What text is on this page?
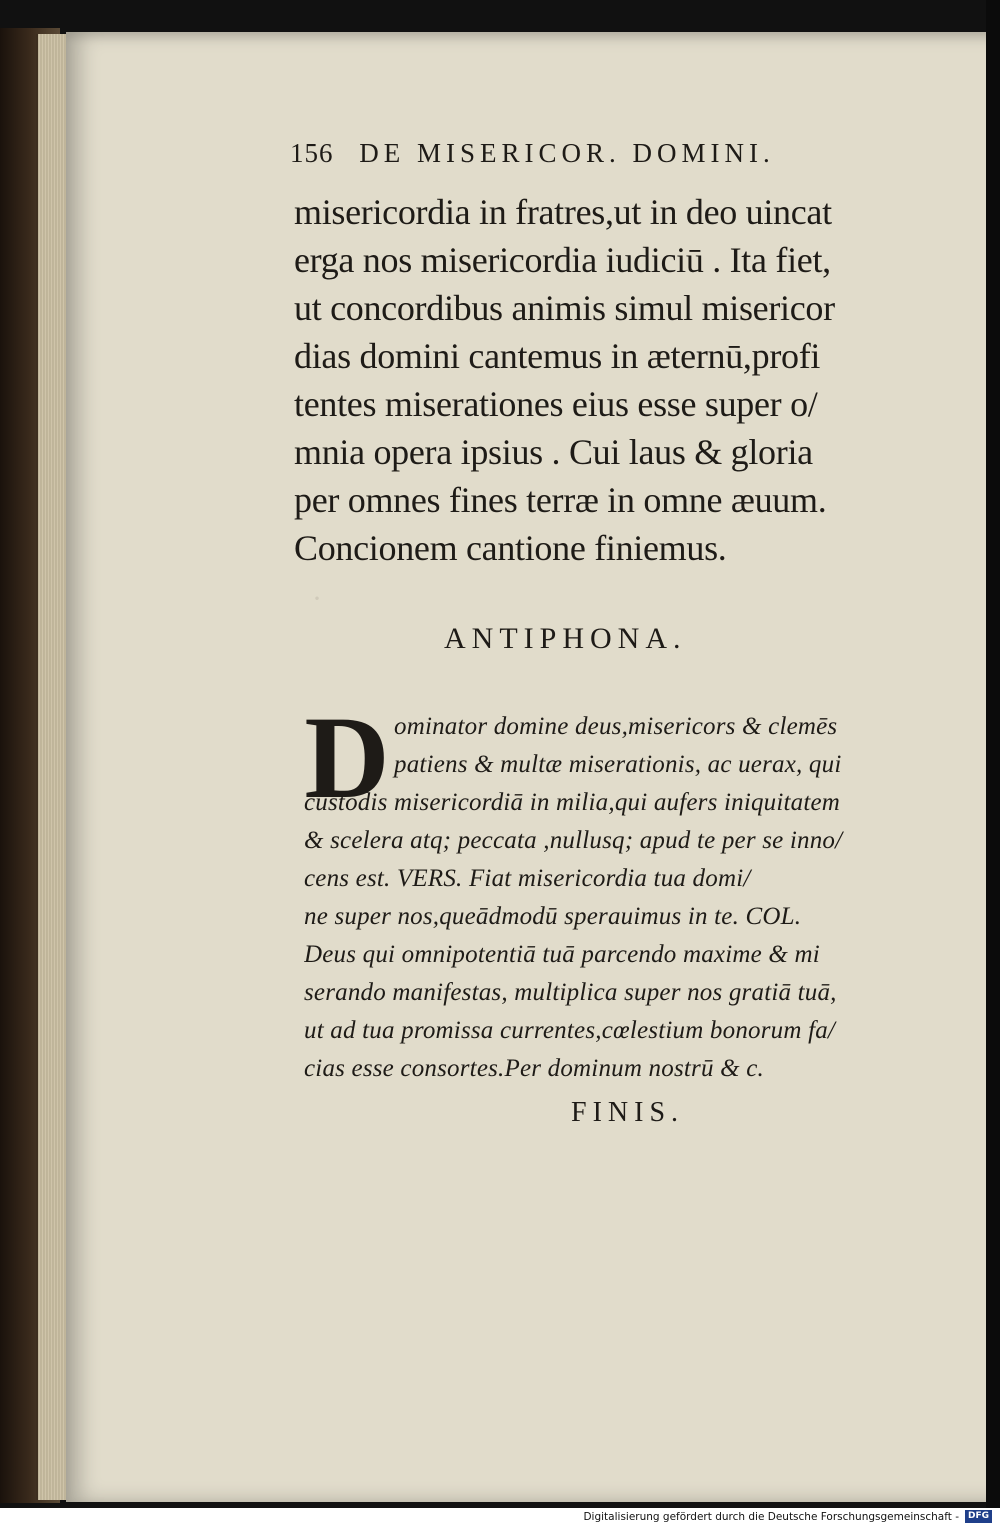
·
156 DE MISERICOR. DOMINI.
misericordia in fratres,ut in deo uincat
erga nos misericordia iudiciū . Ita fiet,
ut concordibus animis simul misericor
dias domini cantemus in æternū,profi
tentes miserationes eius esse super o/
mnia opera ipsius . Cui laus & gloria
per omnes fines terræ in omne æuum.
Concionem cantione finiemus.
ANTIPHONA.
D ominator domine deus,misericors & clemēs
patiens & multæ miserationis, ac uerax, qui
custodis misericordiā in milia,qui aufers iniquitatem
& scelera atq; peccata ,nullusq; apud te per se inno/
cens est. VERS. Fiat misericordia tua domi/
ne super nos,queādmodū sperauimus in te. COL.
Deus qui omnipotentiā tuā parcendo maxime & mi
serando manifestas, multiplica super nos gratiā tuā,
ut ad tua promissa currentes,cœlestium bonorum fa/
cias esse consortes.Per dominum nostrū & c.
FINIS.
Digitalisierung gefördert durch die Deutsche Forschungsgemeinschaft -	DFG
